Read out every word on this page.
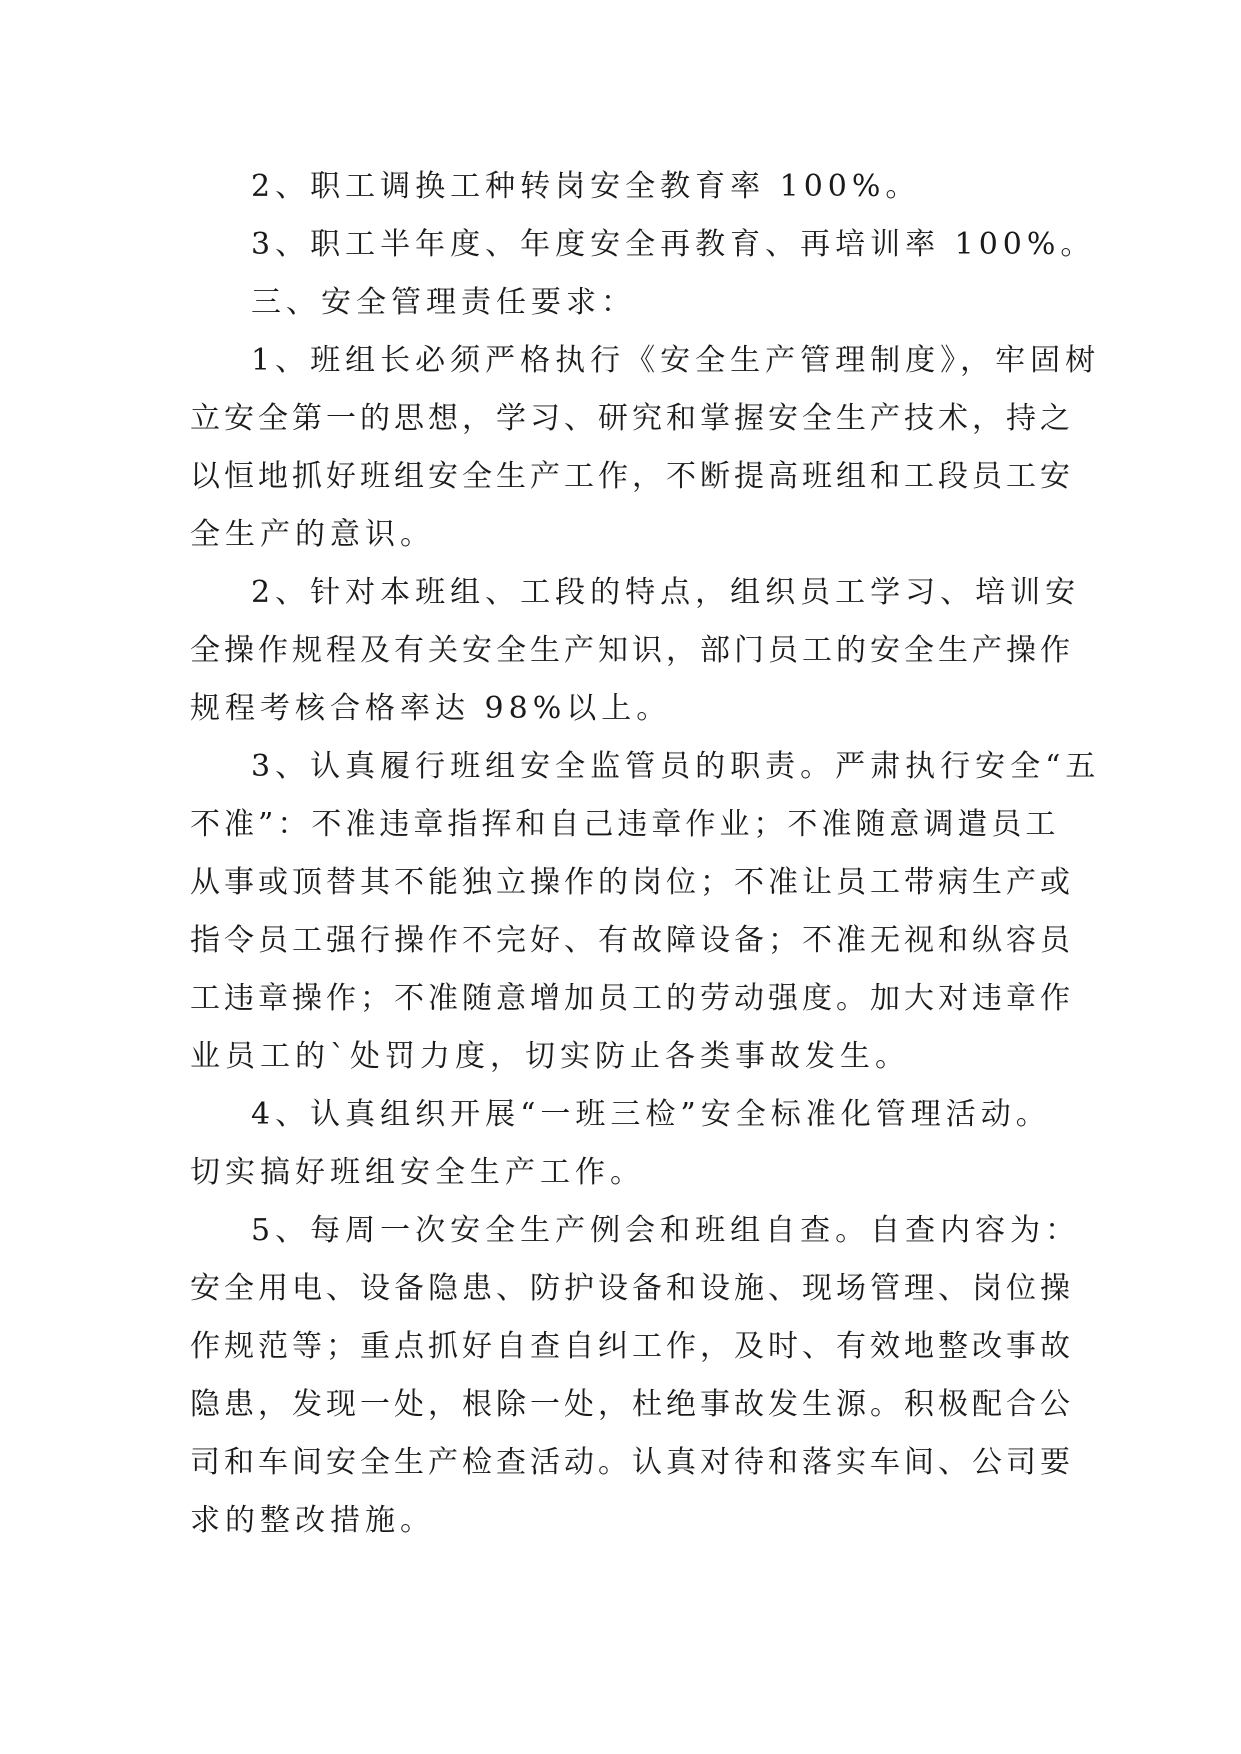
2、职工调换工种转岗安全教育率 100%。
3、职工半年度、年度安全再教育、再培训率 100%。
三、安全管理责任要求：
1、班组长必须严格执行《安全生产管理制度》，牢固树
立安全第一的思想，学习、研究和掌握安全生产技术，持之
以恒地抓好班组安全生产工作，不断提高班组和工段员工安
全生产的意识。
2、针对本班组、工段的特点，组织员工学习、培训安
全操作规程及有关安全生产知识，部门员工的安全生产操作
规程考核合格率达 98%以上。
3、认真履行班组安全监管员的职责。严肃执行安全“五
不准”：不准违章指挥和自己违章作业；不准随意调遣员工
从事或顶替其不能独立操作的岗位；不准让员工带病生产或
指令员工强行操作不完好、有故障设备；不准无视和纵容员
工违章操作；不准随意增加员工的劳动强度。加大对违章作
业员工的`处罚力度，切实防止各类事故发生。
4、认真组织开展“一班三检”安全标准化管理活动。
切实搞好班组安全生产工作。
5、每周一次安全生产例会和班组自查。自查内容为：
安全用电、设备隐患、防护设备和设施、现场管理、岗位操
作规范等；重点抓好自查自纠工作，及时、有效地整改事故
隐患，发现一处，根除一处，杜绝事故发生源。积极配合公
司和车间安全生产检查活动。认真对待和落实车间、公司要
求的整改措施。
